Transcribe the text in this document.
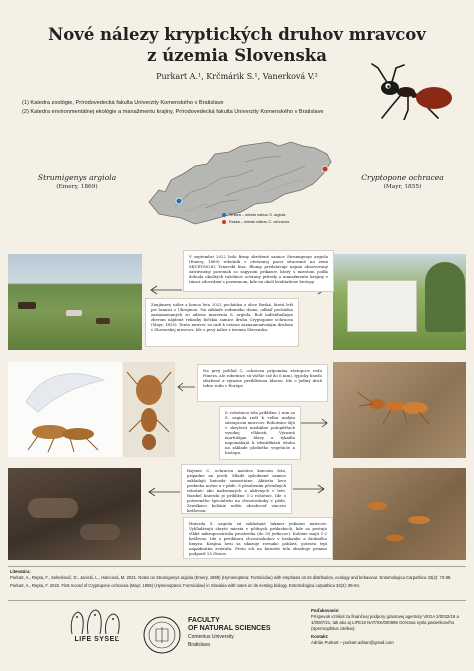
Nové nálezy kryptických druhov mravcov
z územia Slovenska
Purkart A.¹, Krčmárik S.¹, Vanerková V.²
(1) Katedra zoológie, Prírodovedecká fakulta Univerzity Komenského v Bratislave
(2) Katedra environmentálnej ekológie a manažmentu krajiny, Prírodovedecká fakulta Univerzity Komenského v Bratislave
Trnava – miesto nálezu S. argiola
Ruská – miesto nálezu C. ochracea
Strumigenys argiola
(Emery, 1869)
Cryptopone ochracea
(Mayr, 1855)
V septembri 2022 bolo firmy skrúšené samice Strumigenys argiola (Emery, 1869) robotník v otváranej pasci situované na zemi SKUEYS0282 Trnavskí lesa. Blomp predstavuje najmä obnovovaný zatrávnený pozemok so zagyzom prikazov, ktorý s miestom podľa dohoda okolitých rašelinov ochrany prírody a manažmentu krajiny v rámci odovzdaní s pozemnom, kde na okolí kvalitatívne biotopy.
Zaujímavý nález z konca leta 2022 pochádza z obce Ruská, ktorá leží pri hranici s Ukrajinou. Na základe rodinného domu, odkiaľ pochádza zaznamenaných zo adresa mravenia S. argiola. Boli individuálnym zberom nájdené rekazky bičskia samice druhu Cryptopone ochracea (Mayr, 1855). Tento mravec sa radí k vzácne zaznamenávaným druhom v Slovenskej mravcov. Ide o prvý nález z územia Slovenska.
Na prvý pohľad C. ochracea pripomína zástupcov rodu Ponera, ale robotnice sú väčšie (až do 6 mm), typicky hnedo sfarbené a výrazne prediĺženou hlavou. Ide o jediný druh tohto rodu v Európe.
S. robotnica tela približne 2 mm sa S. argiola radí k veľmi malým zástupcom mravcov. Robotnice žijú v skrytosti mediálne polopúšťach vysokej vlhkosti. Výrazná morfológia hlavy a tykadla napomáhajú k identifikácii druhu na základe plodného vegetácie a biotopu.
Rojenie C. ochracea nastáva koncom leta, prípadne na jeseň. Mladé oplodnené samice zakladajú hniezda samostatne. Aktivita lovu prebieha nočne a v pôde. S pôsobením pôvodných robotníc ako nadzemných a aktívnych v lete. Rozdiel hniezda je približne 1-2 robotníc. Ide o potravného špecialistu na chvostoskoky v pôde. Zriedkavo kolónie môžu obsahovať viacero kráľovien.
Hniezda S. argiola sú zakladané takmer jedinom mravcov. Vyhľadávajú skryté miesta v pôdnych prídavkoch, kde sa pestujú vlhké mikroprostredia prostredia (do 50 jedincov). Kolónie majú 1-2 kráľovne. Ide o predátora chvostoskokov v hrabanke a drobného hmyzu. Krajina lovu sa ukazuje rovnako pohlaví, potrava trpí napadnutím zvieraťa. Preto ich na hniezde tela obsahuje priamo podporiť 25 členov.
Literatúra:
Purkart, A., Repta, F., Selnekovič, D., Janicki, L., Holecová, M. 2021. Notes on Strumigenys argiola (Emery, 1869) (Hymenoptera: Formicidae) with emphasis on its distribution, ecology and behaviour. Entomologica Carpathica 33(2): 73-88.
Purkart, A., Repta, F. 2022. First record of Cryptopone ochracea (Mayr, 1855) (Hymenoptera: Formicidae) in Slovakia with notes on its nesting biology. Entomologica carpathica 34(2): 85-94.
LIFE SYSEĽ
FACULTY
OF NATURAL SCIENCES
Comenius University
Bratislava
Poďakovanie:
Príspevok vznikol za finančnej podpory grantovej agentúry VEGA 2/0032/19 a 1/0087/21, tak ako aj LIFE19 NAT/SK/000895 Ochrana sysla pasienkového (Spermophilus citellus).
Kontakt:
Adrián Purkart – purkart.adrian@gmail.com
